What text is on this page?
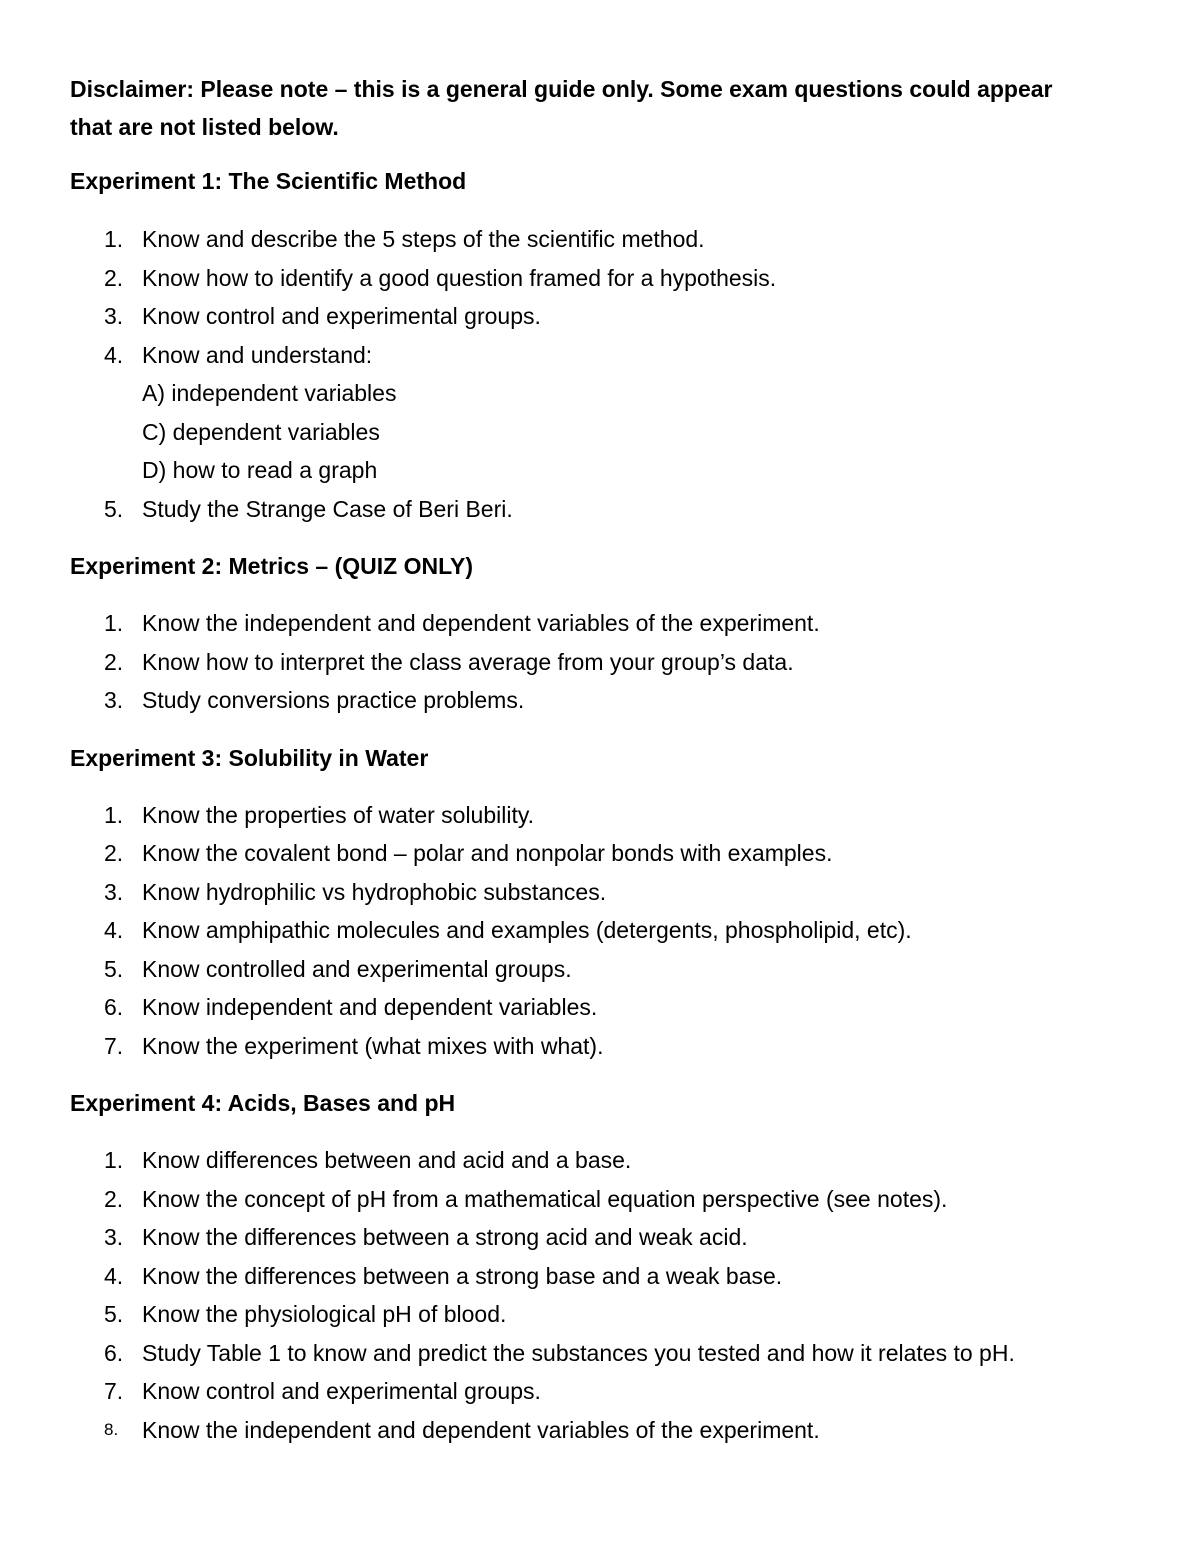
Disclaimer: Please note – this is a general guide only. Some exam questions could appear
that are not listed below.

Experiment 1: The Scientific Method

1. Know and describe the 5 steps of the scientific method.
2. Know how to identify a good question framed for a hypothesis.
3. Know control and experimental groups.
4. Know and understand:
A) independent variables
C) dependent variables
D) how to read a graph
5. Study the Strange Case of Beri Beri.

Experiment 2: Metrics – (QUIZ ONLY)

1. Know the independent and dependent variables of the experiment.
2. Know how to interpret the class average from your group’s data.
3. Study conversions practice problems.

Experiment 3: Solubility in Water

1. Know the properties of water solubility.
2. Know the covalent bond – polar and nonpolar bonds with examples.
3. Know hydrophilic vs hydrophobic substances.
4. Know amphipathic molecules and examples (detergents, phospholipid, etc).
5. Know controlled and experimental groups.
6. Know independent and dependent variables.
7. Know the experiment (what mixes with what).

Experiment 4: Acids, Bases and pH

1. Know differences between and acid and a base.
2. Know the concept of pH from a mathematical equation perspective (see notes).
3. Know the differences between a strong acid and weak acid.
4. Know the differences between a strong base and a weak base.
5. Know the physiological pH of blood.
6. Study Table 1 to know and predict the substances you tested and how it relates to pH.
7. Know control and experimental groups.
8.	Know the independent and dependent variables of the experiment.
